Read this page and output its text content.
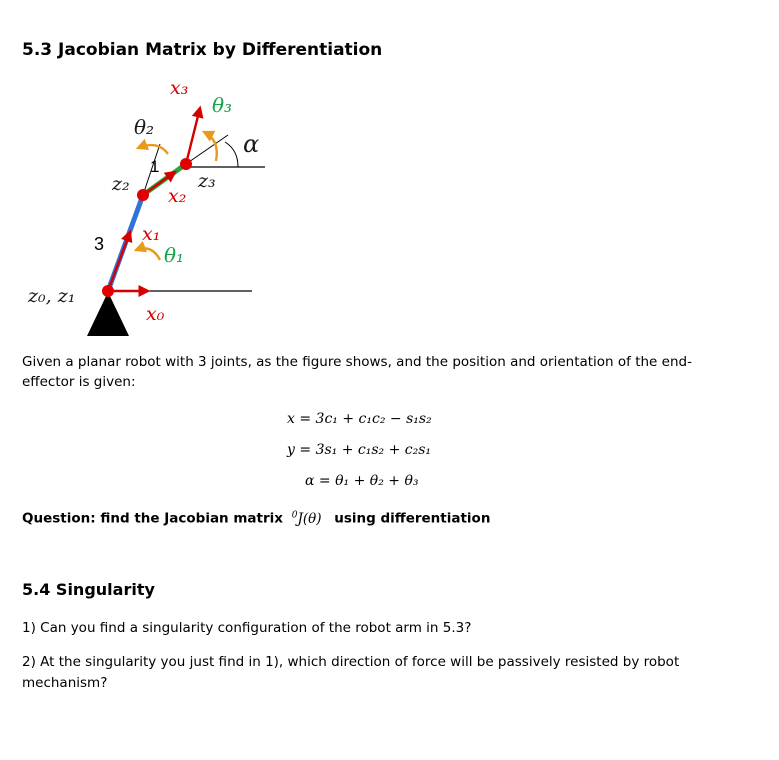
5.3 Jacobian Matrix by Differentiation
z₀, z₁
x₀
x₁
θ₁
z₂
x₂
θ₂
x₃
θ₃
z₃
α
3
1
Given a planar robot with 3 joints, as the figure shows, and the position and orientation of the end-effector is given:
x = 3c₁ + c₁c₂ − s₁s₂
y = 3s₁ + c₁s₂ + c₂s₁
α = θ₁ + θ₂ + θ₃
Question: find the Jacobian matrix $^0$J(θ) using differentiation
5.4 Singularity
1) Can you find a singularity configuration of the robot arm in 5.3?
2) At the singularity you just find in 1), which direction of force will be passively resisted by robot mechanism?
